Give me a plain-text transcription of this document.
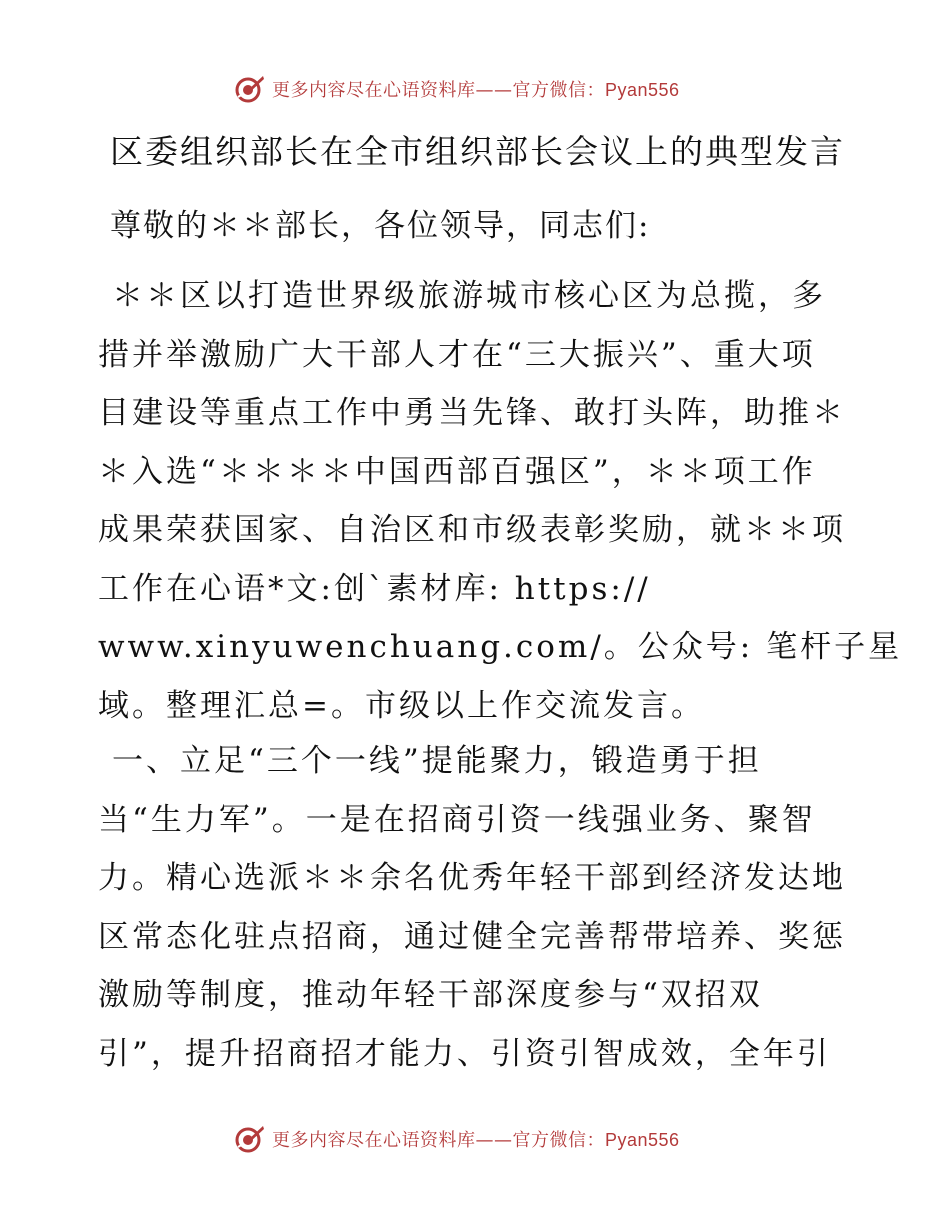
更多内容尽在心语资料库——官方微信：Pyan556
区委组织部长在全市组织部长会议上的典型发言
尊敬的＊＊部长，各位领导，同志们:
＊＊区以打造世界级旅游城市核心区为总揽，多
措并举激励广大干部人才在“三大振兴”、重大项
目建设等重点工作中勇当先锋、敢打头阵，助推＊
＊入选“＊＊＊＊中国西部百强区”，＊＊项工作
成果荣获国家、自治区和市级表彰奖励，就＊＊项
工作在心语*文:创`素材库: https://
www.xinyuwenchuang.com/。公众号: 笔杆子星
域。整理汇总=。市级以上作交流发言。
一、立足“三个一线”提能聚力，锻造勇于担
当“生力军”。一是在招商引资一线强业务、聚智
力。精心选派＊＊余名优秀年轻干部到经济发达地
区常态化驻点招商，通过健全完善帮带培养、奖惩
激励等制度，推动年轻干部深度参与“双招双
引”，提升招商招才能力、引资引智成效，全年引
更多内容尽在心语资料库——官方微信：Pyan556
